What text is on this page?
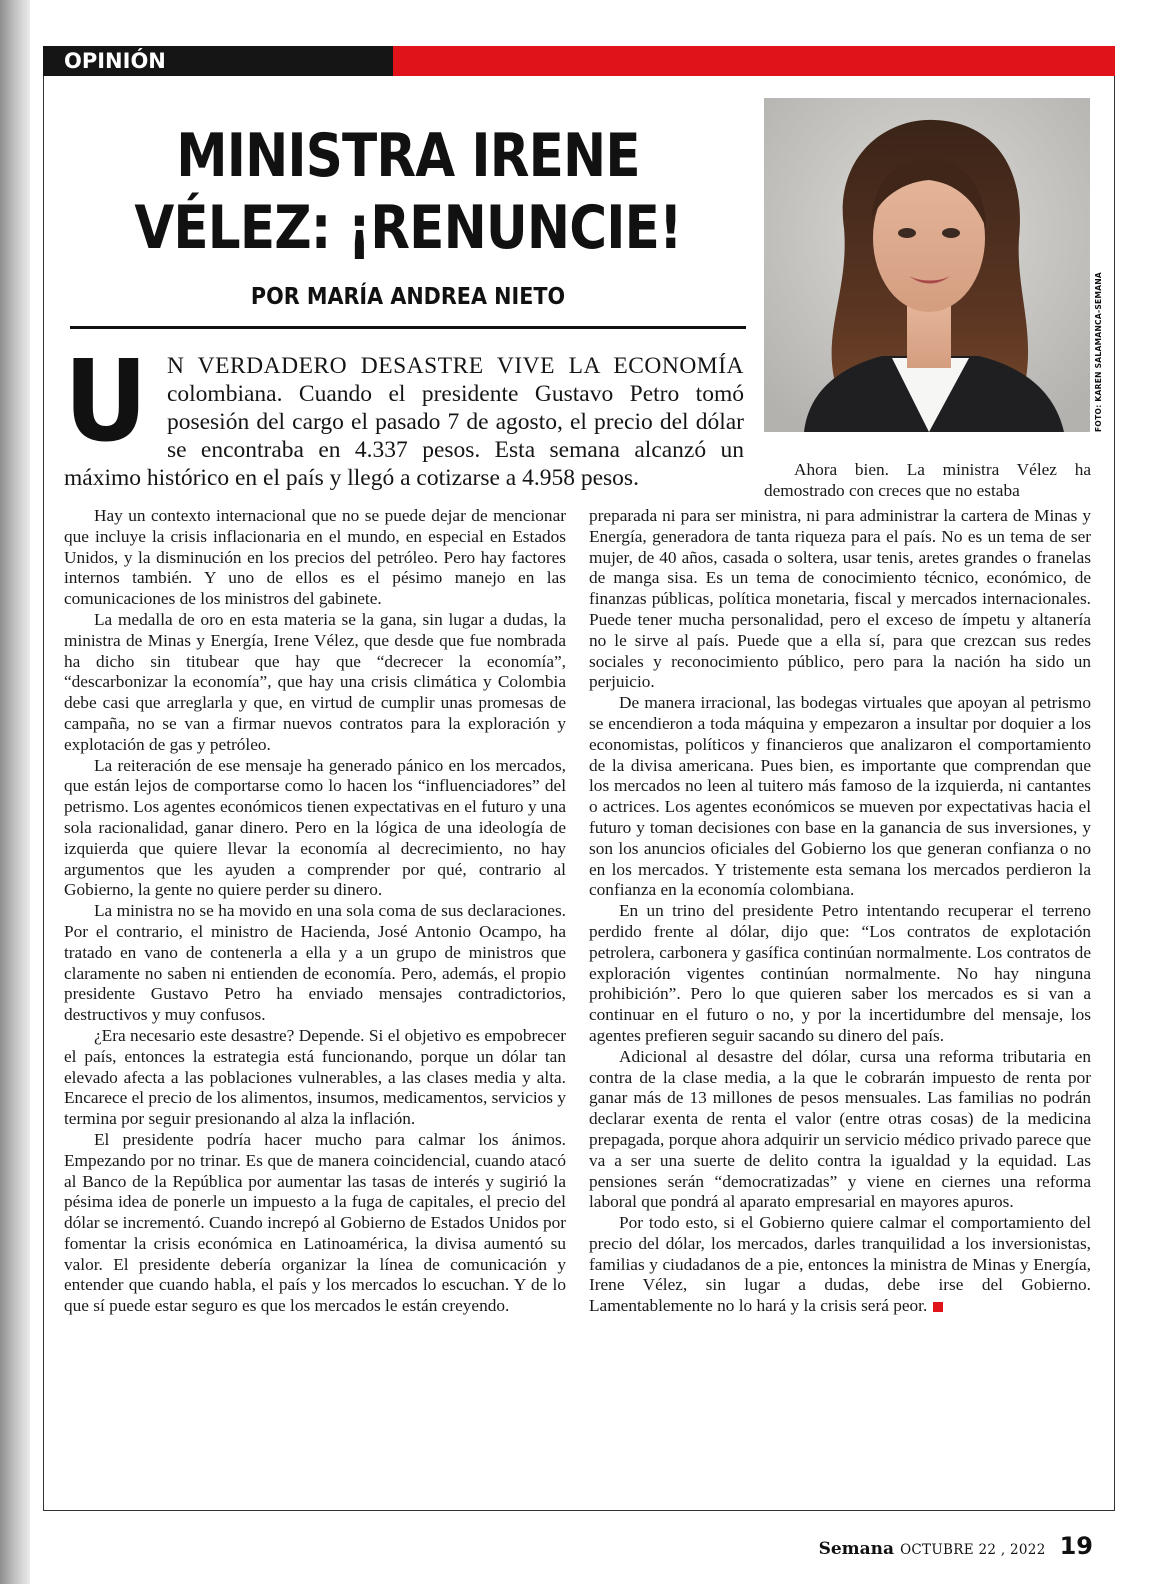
OPINIÓN
MINISTRA IRENE
VÉLEZ: ¡RENUNCIE!
POR MARÍA ANDREA NIETO	FOTO: KAREN SALAMANCA-SEMANA
U N VERDADERO DESASTRE VIVE LA ECONOMÍA colombiana. Cuando el presidente Gustavo Petro tomó posesión del cargo el pasado 7 de agosto, el precio del dólar se encontraba en 4.337 pesos. Esta semana alcanzó un máximo histórico en el país y llegó a cotizarse a 4.958 pesos.

Hay un contexto internacional que no se puede dejar de mencionar que incluye la crisis inflacionaria en el mundo, en especial en Estados Unidos, y la disminución en los precios del petróleo. Pero hay factores internos también. Y uno de ellos es el pésimo manejo en las comunicaciones de los ministros del gabinete.

La medalla de oro en esta materia se la gana, sin lugar a dudas, la ministra de Minas y Energía, Irene Vélez, que desde que fue nombrada ha dicho sin titubear que hay que “decrecer la economía”, “descarbonizar la economía”, que hay una crisis climática y Colombia debe casi que arreglarla y que, en virtud de cumplir unas promesas de campaña, no se van a firmar nuevos contratos para la exploración y explotación de gas y petróleo.

La reiteración de ese mensaje ha generado pánico en los mercados, que están lejos de comportarse como lo hacen los “influenciadores” del petrismo. Los agentes económicos tienen expectativas en el futuro y una sola racionalidad, ganar dinero. Pero en la lógica de una ideología de izquierda que quiere llevar la economía al decrecimiento, no hay argumentos que les ayuden a comprender por qué, contrario al Gobierno, la gente no quiere perder su dinero.

La ministra no se ha movido en una sola coma de sus declaraciones. Por el contrario, el ministro de Hacienda, José Antonio Ocampo, ha tratado en vano de contenerla a ella y a un grupo de ministros que claramente no saben ni entienden de economía. Pero, además, el propio presidente Gustavo Petro ha enviado mensajes contradictorios, destructivos y muy confusos.

¿Era necesario este desastre? Depende. Si el objetivo es empobrecer el país, entonces la estrategia está funcionando, porque un dólar tan elevado afecta a las poblaciones vulnerables, a las clases media y alta. Encarece el precio de los alimentos, insumos, medicamentos, servicios y termina por seguir presionando al alza la inflación.

El presidente podría hacer mucho para calmar los ánimos. Empezando por no trinar. Es que de manera coincidencial, cuando atacó al Banco de la República por aumentar las tasas de interés y sugirió la pésima idea de ponerle un impuesto a la fuga de capitales, el precio del dólar se incrementó. Cuando increpó al Gobierno de Estados Unidos por fomentar la crisis económica en Latinoamérica, la divisa aumentó su valor. El presidente debería organizar la línea de comunicación y entender que cuando habla, el país y los mercados lo escuchan. Y de lo que sí puede estar seguro es que los mercados le están creyendo.

Ahora bien. La ministra Vélez ha demostrado con creces que no estaba

preparada ni para ser ministra, ni para administrar la cartera de Minas y Energía, generadora de tanta riqueza para el país. No es un tema de ser mujer, de 40 años, casada o soltera, usar tenis, aretes grandes o franelas de manga sisa. Es un tema de conocimiento técnico, económico, de finanzas públicas, política monetaria, fiscal y mercados internacionales. Puede tener mucha personalidad, pero el exceso de ímpetu y altanería no le sirve al país. Puede que a ella sí, para que crezcan sus redes sociales y reconocimiento público, pero para la nación ha sido un perjuicio.

De manera irracional, las bodegas virtuales que apoyan al petrismo se encendieron a toda máquina y empezaron a insultar por doquier a los economistas, políticos y financieros que analizaron el comportamiento de la divisa americana. Pues bien, es importante que comprendan que los mercados no leen al tuitero más famoso de la izquierda, ni cantantes o actrices. Los agentes económicos se mueven por expectativas hacia el futuro y toman decisiones con base en la ganancia de sus inversiones, y son los anuncios oficiales del Gobierno los que generan confianza o no en los mercados. Y tristemente esta semana los mercados perdieron la confianza en la economía colombiana.

En un trino del presidente Petro intentando recuperar el terreno perdido frente al dólar, dijo que: “Los contratos de explotación petrolera, carbonera y gasífica continúan normalmente. Los contratos de exploración vigentes continúan normalmente. No hay ninguna prohibición”. Pero lo que quieren saber los mercados es si van a continuar en el futuro o no, y por la incertidumbre del mensaje, los agentes prefieren seguir sacando su dinero del país.

Adicional al desastre del dólar, cursa una reforma tributaria en contra de la clase media, a la que le cobrarán impuesto de renta por ganar más de 13 millones de pesos mensuales. Las familias no podrán declarar exenta de renta el valor (entre otras cosas) de la medicina prepagada, porque ahora adquirir un servicio médico privado parece que va a ser una suerte de delito contra la igualdad y la equidad. Las pensiones serán “democratizadas” y viene en ciernes una reforma laboral que pondrá al aparato empresarial en mayores apuros.

Por todo esto, si el Gobierno quiere calmar el comportamiento del precio del dólar, los mercados, darles tranquilidad a los inversionistas, familias y ciudadanos de a pie, entonces la ministra de Minas y Energía, Irene Vélez, sin lugar a dudas, debe irse del Gobierno. Lamentablemente no lo hará y la crisis será peor.

Semana OCTUBRE 22 , 2022 19
